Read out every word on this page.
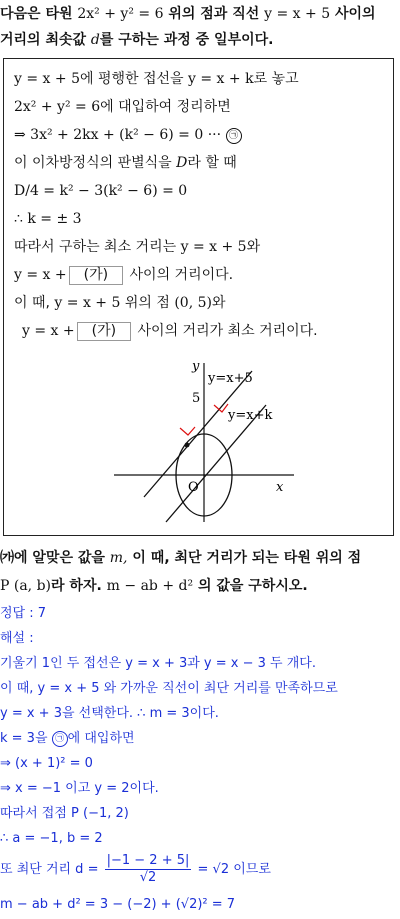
다음은 타원 2x² + y² = 6 위의 점과 직선 y = x + 5 사이의
거리의 최솟값 d를 구하는 과정 중 일부이다.
y = x + 5에 평행한 접선을 y = x + k로 놓고
2x² + y² = 6에 대입하여 정리하면
⇒ 3x² + 2kx + (k² − 6) = 0 ··· ㉠
이 이차방정식의 판별식을 D라 할 때
D/4 = k² − 3(k² − 6) = 0
∴ k = ± 3
따라서 구하는 최소 거리는 y = x + 5와
y = x + (가) 사이의 거리이다.
이 때, y = x + 5 위의 점 (0, 5)와
y = x + (가) 사이의 거리가 최소 거리이다.
y
x
O
5
y=x+5
y=x+k
㈎에 알맞은 값을 m, 이 때, 최단 거리가 되는 타원 위의 점
P (a, b)라 하자. m − ab + d² 의 값을 구하시오.
정답 : 7
해설 :
기울기 1인 두 접선은 y = x + 3과 y = x − 3 두 개다.
이 때, y = x + 5 와 가까운 직선이 최단 거리를 만족하므로
y = x + 3을 선택한다. ∴ m = 3이다.
k = 3을 ㉠ 에 대입하면
⇒ (x + 1)² = 0
⇒ x = −1 이고 y = 2이다.
따라서 접점 P (−1, 2)
∴ a = −1, b = 2
또 최단 거리 $d = \frac{|-1 - 2 + 5|}{√2} = √2$ 이므로
m − ab + d² = 3 − (−2) + (√2)² = 7
